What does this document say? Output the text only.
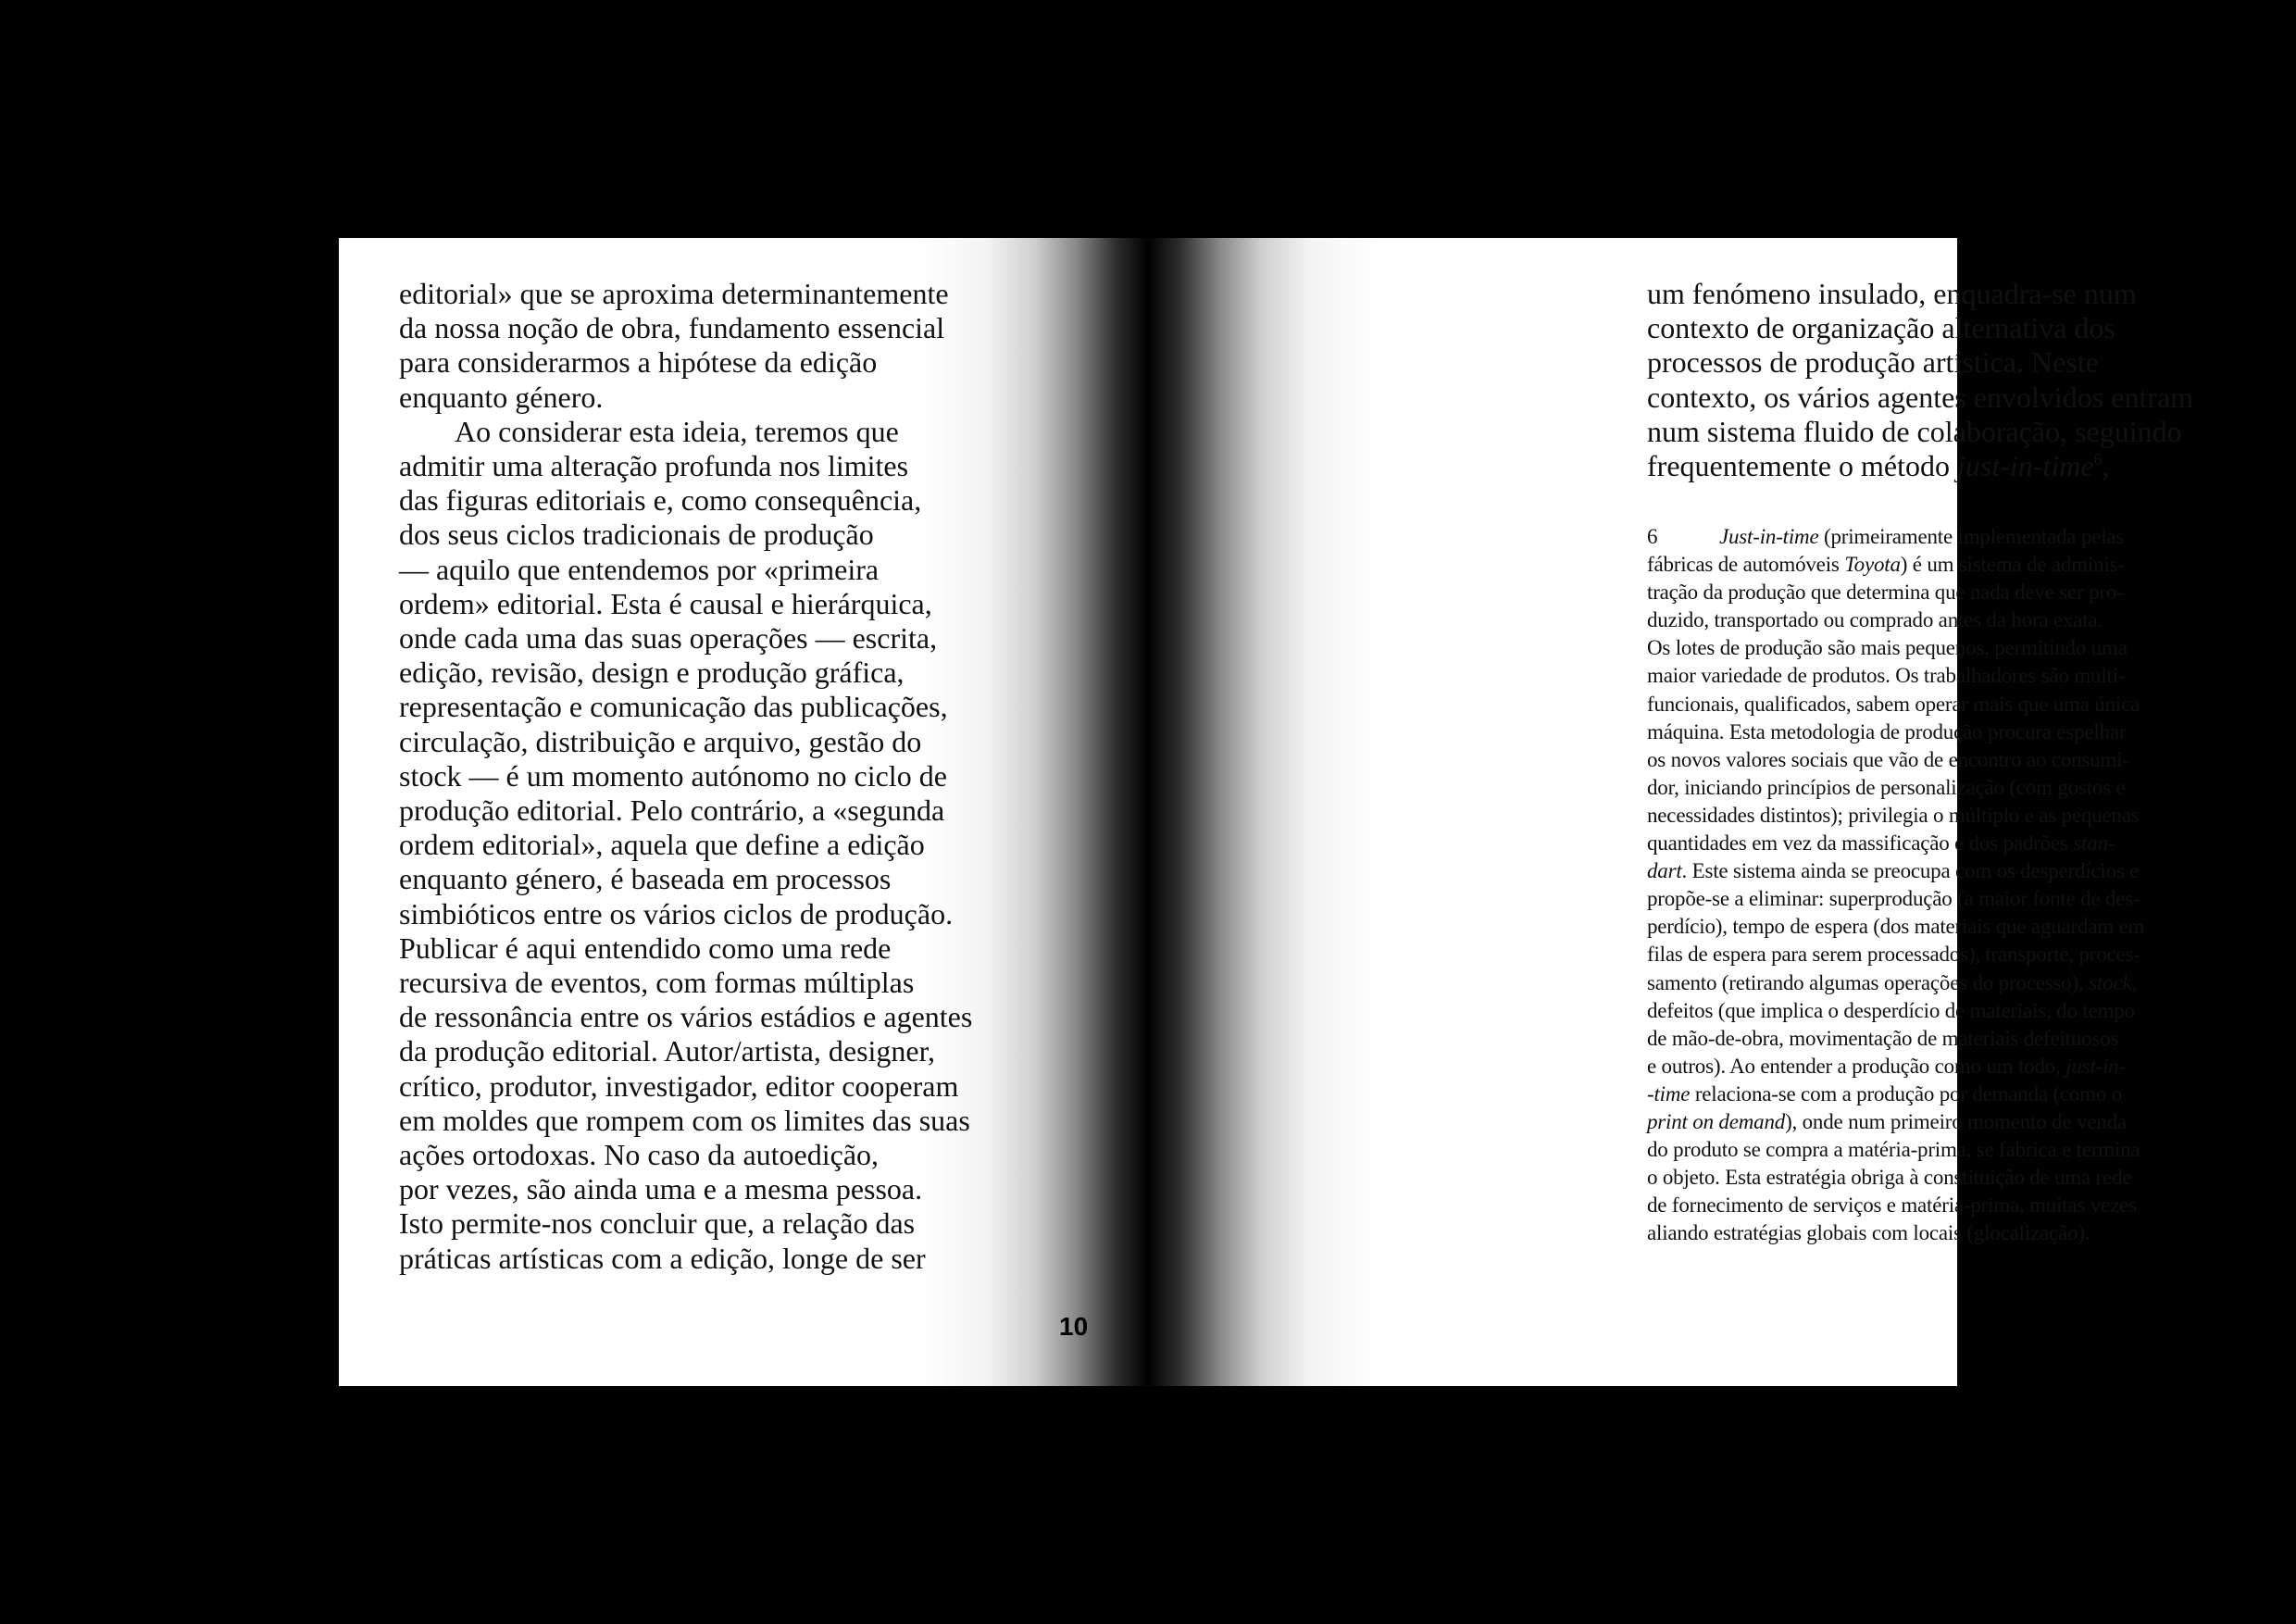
editorial» que se aproxima determinantemente
da nossa noção de obra, fundamento essencial
para considerarmos a hipótese da edição
enquanto género.
Ao considerar esta ideia, teremos que
admitir uma alteração profunda nos limites
das figuras editoriais e, como consequência,
dos seus ciclos tradicionais de produção
— aquilo que entendemos por «primeira
ordem» editorial. Esta é causal e hierárquica,
onde cada uma das suas operações — escrita,
edição, revisão, design e produção gráfica,
representação e comunicação das publicações,
circulação, distribuição e arquivo, gestão do
stock — é um momento autónomo no ciclo de
produção editorial. Pelo contrário, a «segunda
ordem editorial», aquela que define a edição
enquanto género, é baseada em processos
simbióticos entre os vários ciclos de produção.
Publicar é aqui entendido como uma rede
recursiva de eventos, com formas múltiplas
de ressonância entre os vários estádios e agentes
da produção editorial. Autor/artista, designer,
crítico, produtor, investigador, editor cooperam
em moldes que rompem com os limites das suas
ações ortodoxas. No caso da autoedição,
por vezes, são ainda uma e a mesma pessoa.
Isto permite-nos concluir que, a relação das
práticas artísticas com a edição, longe de ser
10
um fenómeno insulado, enquadra-se num
contexto de organização alternativa dos
processos de produção artística. Neste
contexto, os vários agentes envolvidos entram
num sistema fluido de colaboração, seguindo
frequentemente o método just-in-time$^6$,
6	Just-in-time (primeiramente implementada pelas
fábricas de automóveis Toyota) é um sistema de adminis-
tração da produção que determina que nada deve ser pro-
duzido, transportado ou comprado antes da hora exata.
Os lotes de produção são mais pequenos, permitindo uma
maior variedade de produtos. Os trabalhadores são multi-
funcionais, qualificados, sabem operar mais que uma única
máquina. Esta metodologia de produção procura espelhar
os novos valores sociais que vão de encontro ao consumi-
dor, iniciando princípios de personalização (com gostos e
necessidades distintos); privilegia o múltiplo e as pequenas
quantidades em vez da massificação e dos padrões stan-
dart. Este sistema ainda se preocupa com os desperdícios e
propõe-se a eliminar: superprodução (a maior fonte de des-
perdício), tempo de espera (dos materiais que aguardam em
filas de espera para serem processados), transporte, proces-
samento (retirando algumas operações do processo), stock,
defeitos (que implica o desperdício de materiais, do tempo
de mão-de-obra, movimentação de materiais defeituosos
e outros). Ao entender a produção como um todo, just-in-
-time relaciona-se com a produção por demanda (como o
print on demand), onde num primeiro momento de venda
do produto se compra a matéria-prima, se fabrica e termina
o objeto. Esta estratégia obriga à constituição de uma rede
de fornecimento de serviços e matéria-prima, muitas vezes
aliando estratégias globais com locais (glocalização).
11
